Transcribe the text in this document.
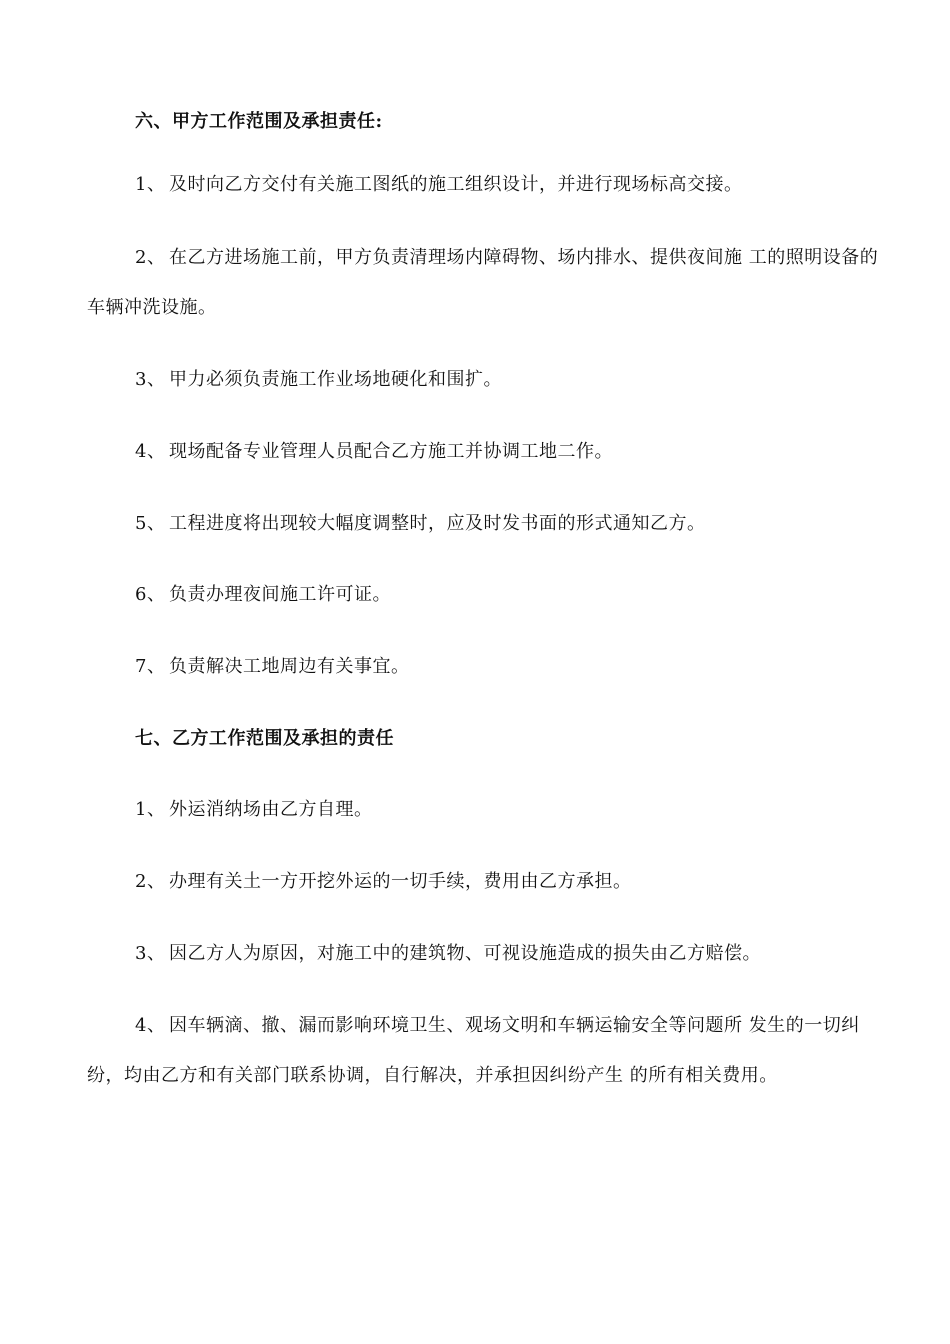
六、甲方工作范围及承担责任:

1、 及时向乙方交付有关施工图纸的施工组织设计，并进行现场标高交接。

2、 在乙方进场施工前，甲方负责清理场内障碍物、场内排水、提供夜间施 工的照明设备的车辆冲洗设施。

3、 甲力必须负责施工作业场地硬化和围扩。

4、 现场配备专业管理人员配合乙方施工并协调工地二作。

5、 工程进度将出现较大幅度调整时，应及时发书面的形式通知乙方。

6、 负责办理夜间施工许可证。

7、 负责解决工地周边有关事宜。

七、乙方工作范围及承担的责任

1、 外运消纳场由乙方自理。

2、 办理有关土一方开挖外运的一切手续，费用由乙方承担。

3、 因乙方人为原因，对施工中的建筑物、可视设施造成的损失由乙方赔偿。

4、 因车辆滴、撤、漏而影响环境卫生、观场文明和车辆运输安全等问题所 发生的一切纠纷，均由乙方和有关部门联系协调，自行解决，并承担因纠纷产生 的所有相关费用。
